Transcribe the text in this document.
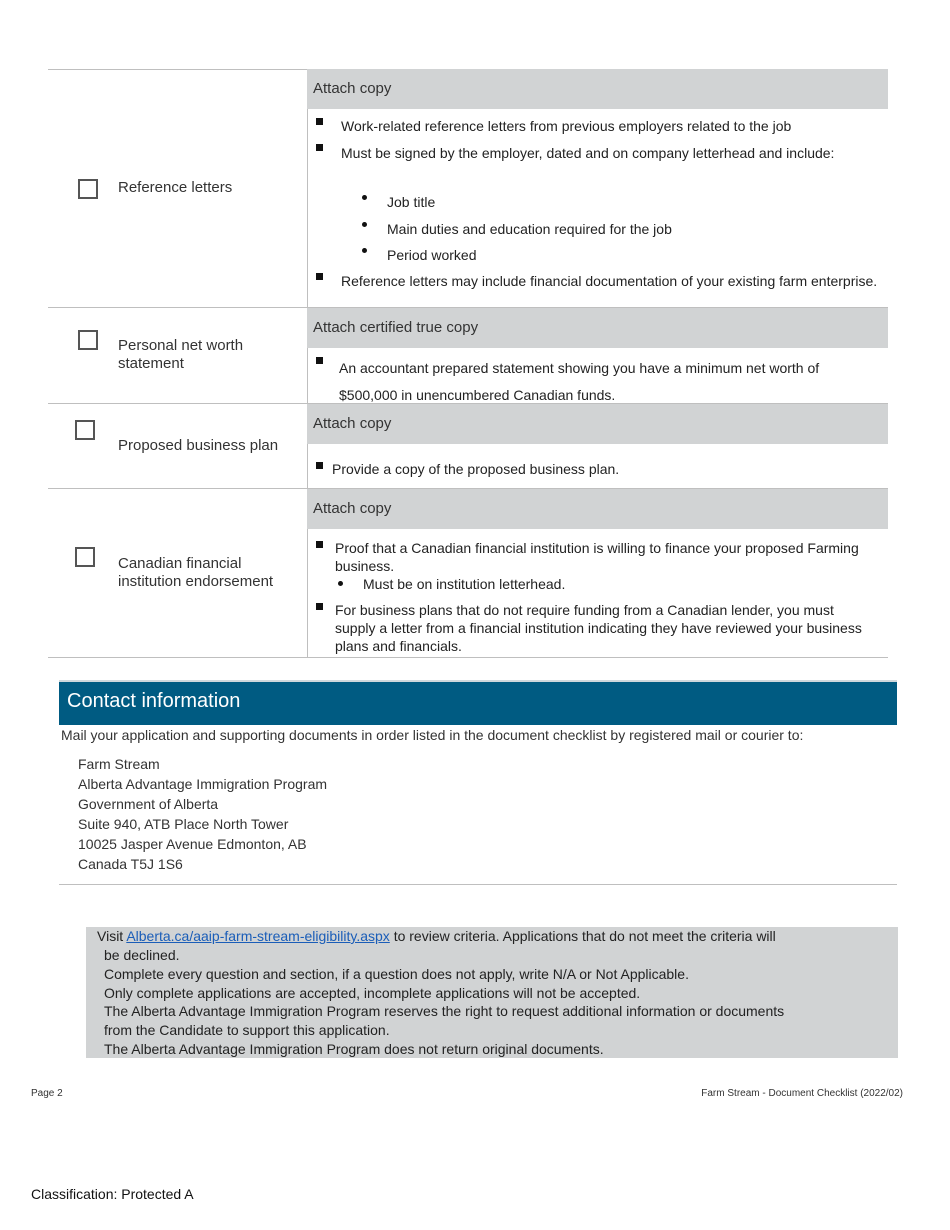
Attach copy
Reference letters
Work-related reference letters from previous employers related to the job
Must be signed by the employer, dated and on company letterhead and include:
Job title
Main duties and education required for the job
Period worked
Reference letters may include financial documentation of your existing farm enterprise.
Attach certified true copy
Personal net worth statement	An accountant prepared statement showing you have a minimum net worth of $500,000 in unencumbered Canadian funds.
Attach copy
Proposed business plan
Provide a copy of the proposed business plan.
Attach copy
Canadian financial institution endorsement
Proof that a Canadian financial institution is willing to finance your proposed Farming business.
Must be on institution letterhead.
For business plans that do not require funding from a Canadian lender, you must supply a letter from a financial institution indicating they have reviewed your business plans and financials.
Contact information
Mail your application and supporting documents in order listed in the document checklist by registered mail or courier to:
Farm Stream
Alberta Advantage Immigration Program
Government of Alberta
Suite 940, ATB Place North Tower
10025 Jasper Avenue Edmonton, AB
Canada T5J 1S6
Visit Alberta.ca/aaip-farm-stream-eligibility.aspx to review criteria. Applications that do not meet the criteria will
be declined.
Complete every question and section, if a question does not apply, write N/A or Not Applicable.
Only complete applications are accepted, incomplete applications will not be accepted.
The Alberta Advantage Immigration Program reserves the right to request additional information or documents
from the Candidate to support this application.
The Alberta Advantage Immigration Program does not return original documents.
Page 2	Farm Stream - Document Checklist (2022/02)
Classification: Protected A
